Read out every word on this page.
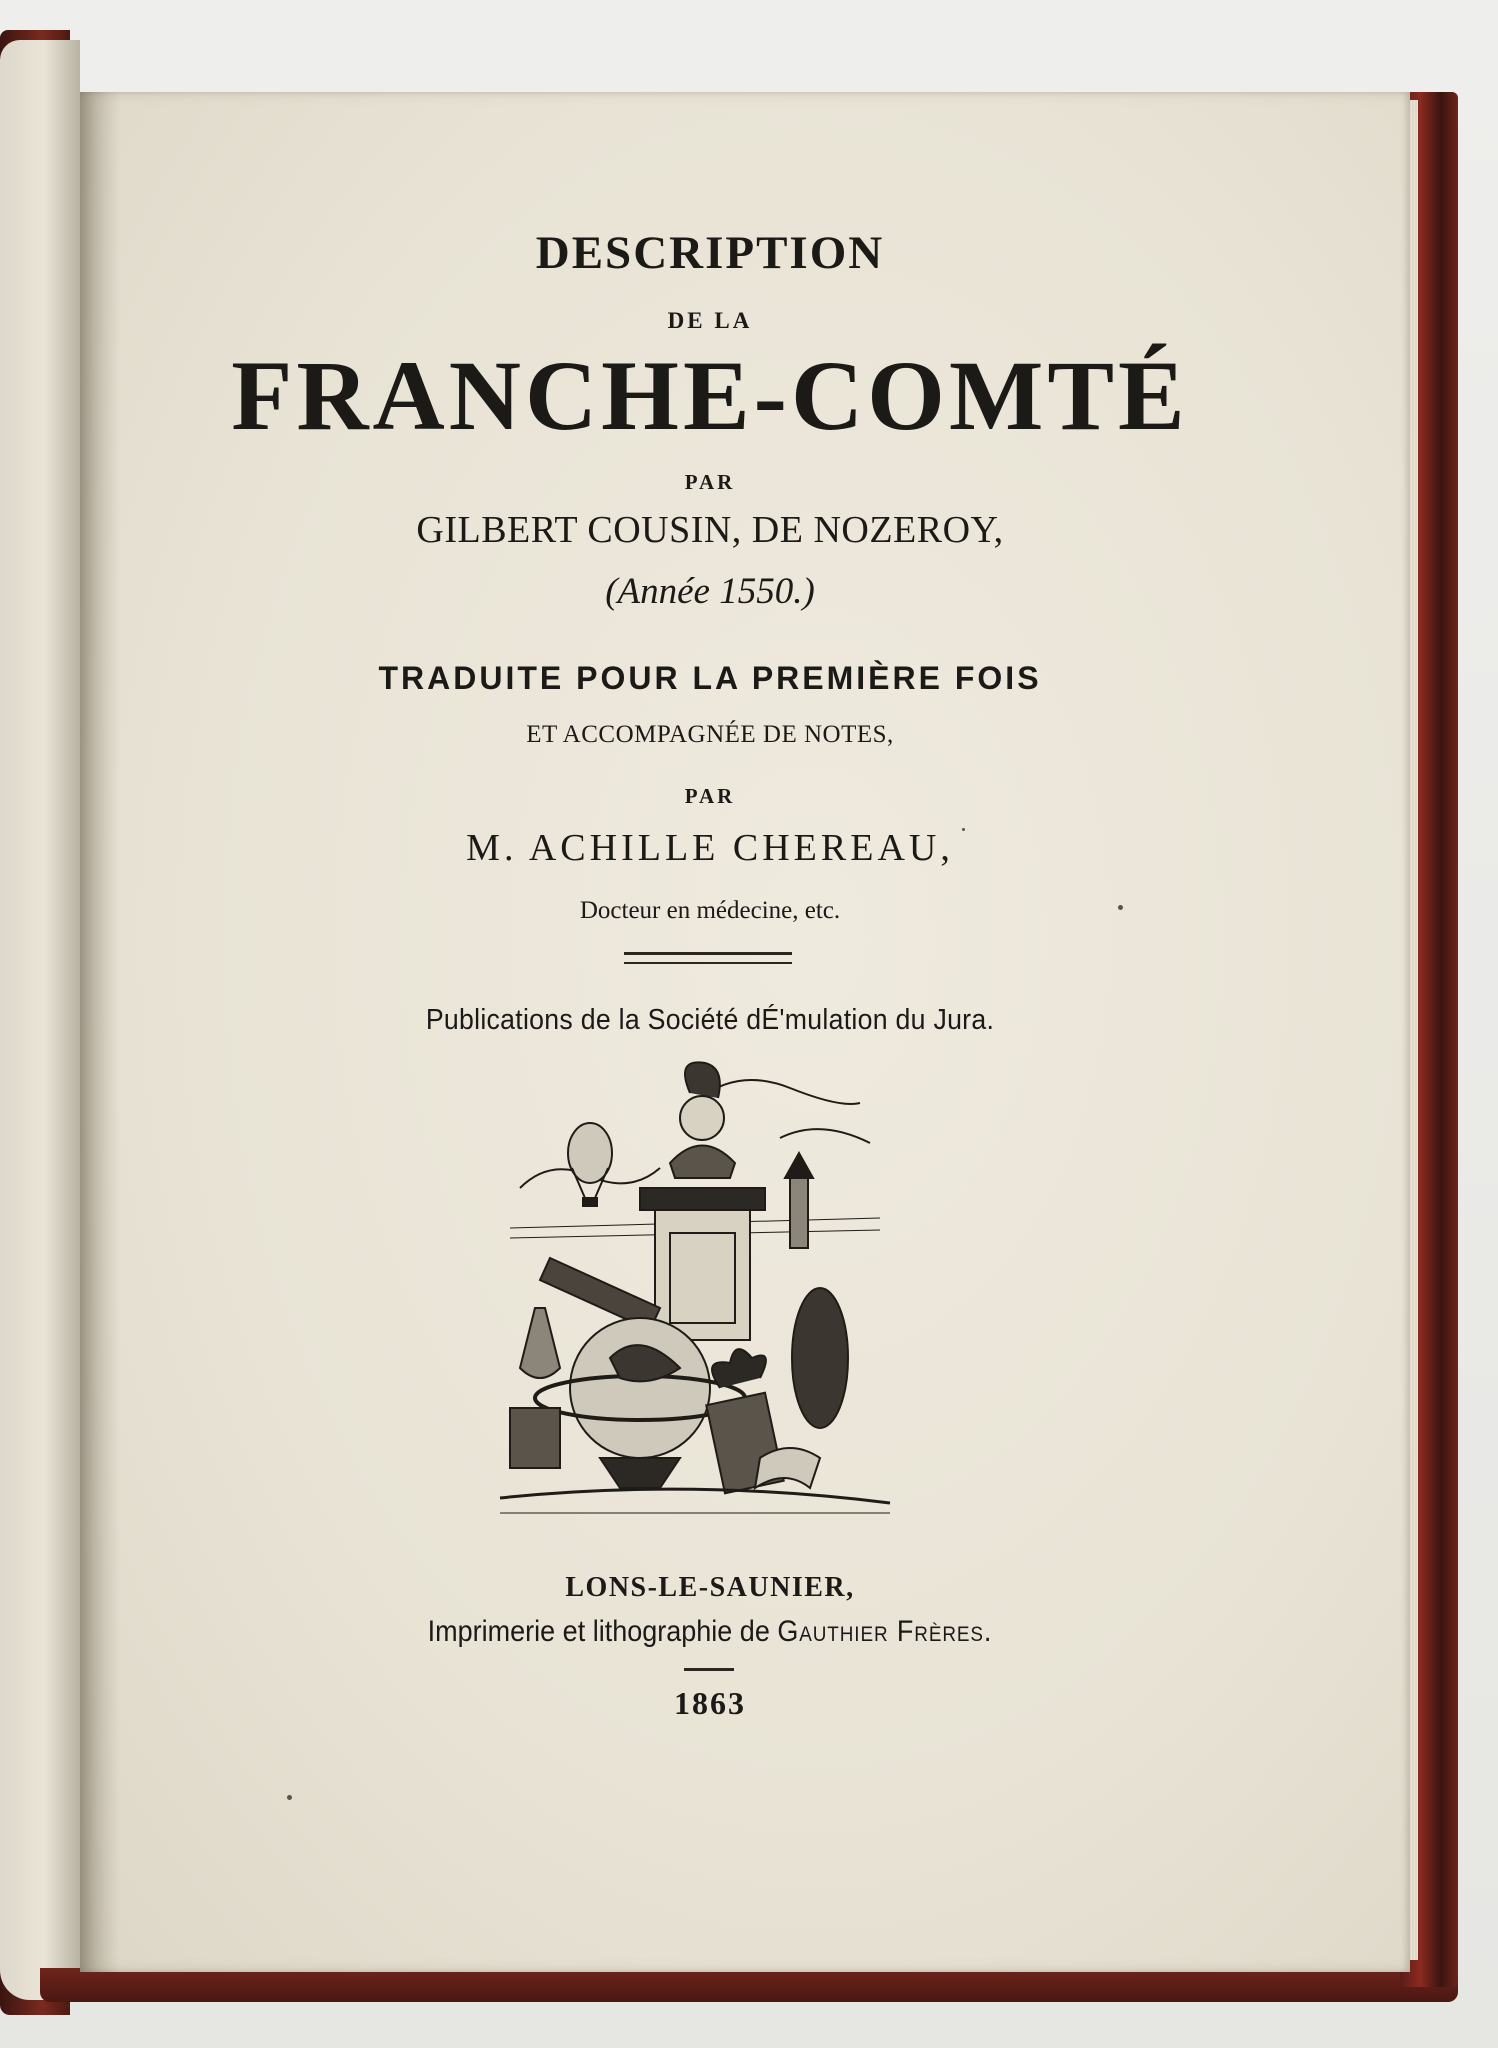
DESCRIPTION

DE LA

FRANCHE-COMTÉ

PAR

GILBERT COUSIN, DE NOZEROY,

(Année 1550.)

TRADUITE POUR LA PREMIÈRE FOIS

ET ACCOMPAGNÉE DE NOTES,

PAR

M. ACHILLE CHEREAU,

Docteur en médecine, etc.

Publications de la Société dÉ'mulation du Jura.

LONS-LE-SAUNIER,

Imprimerie et lithographie de Gauthier Frères.

1863
